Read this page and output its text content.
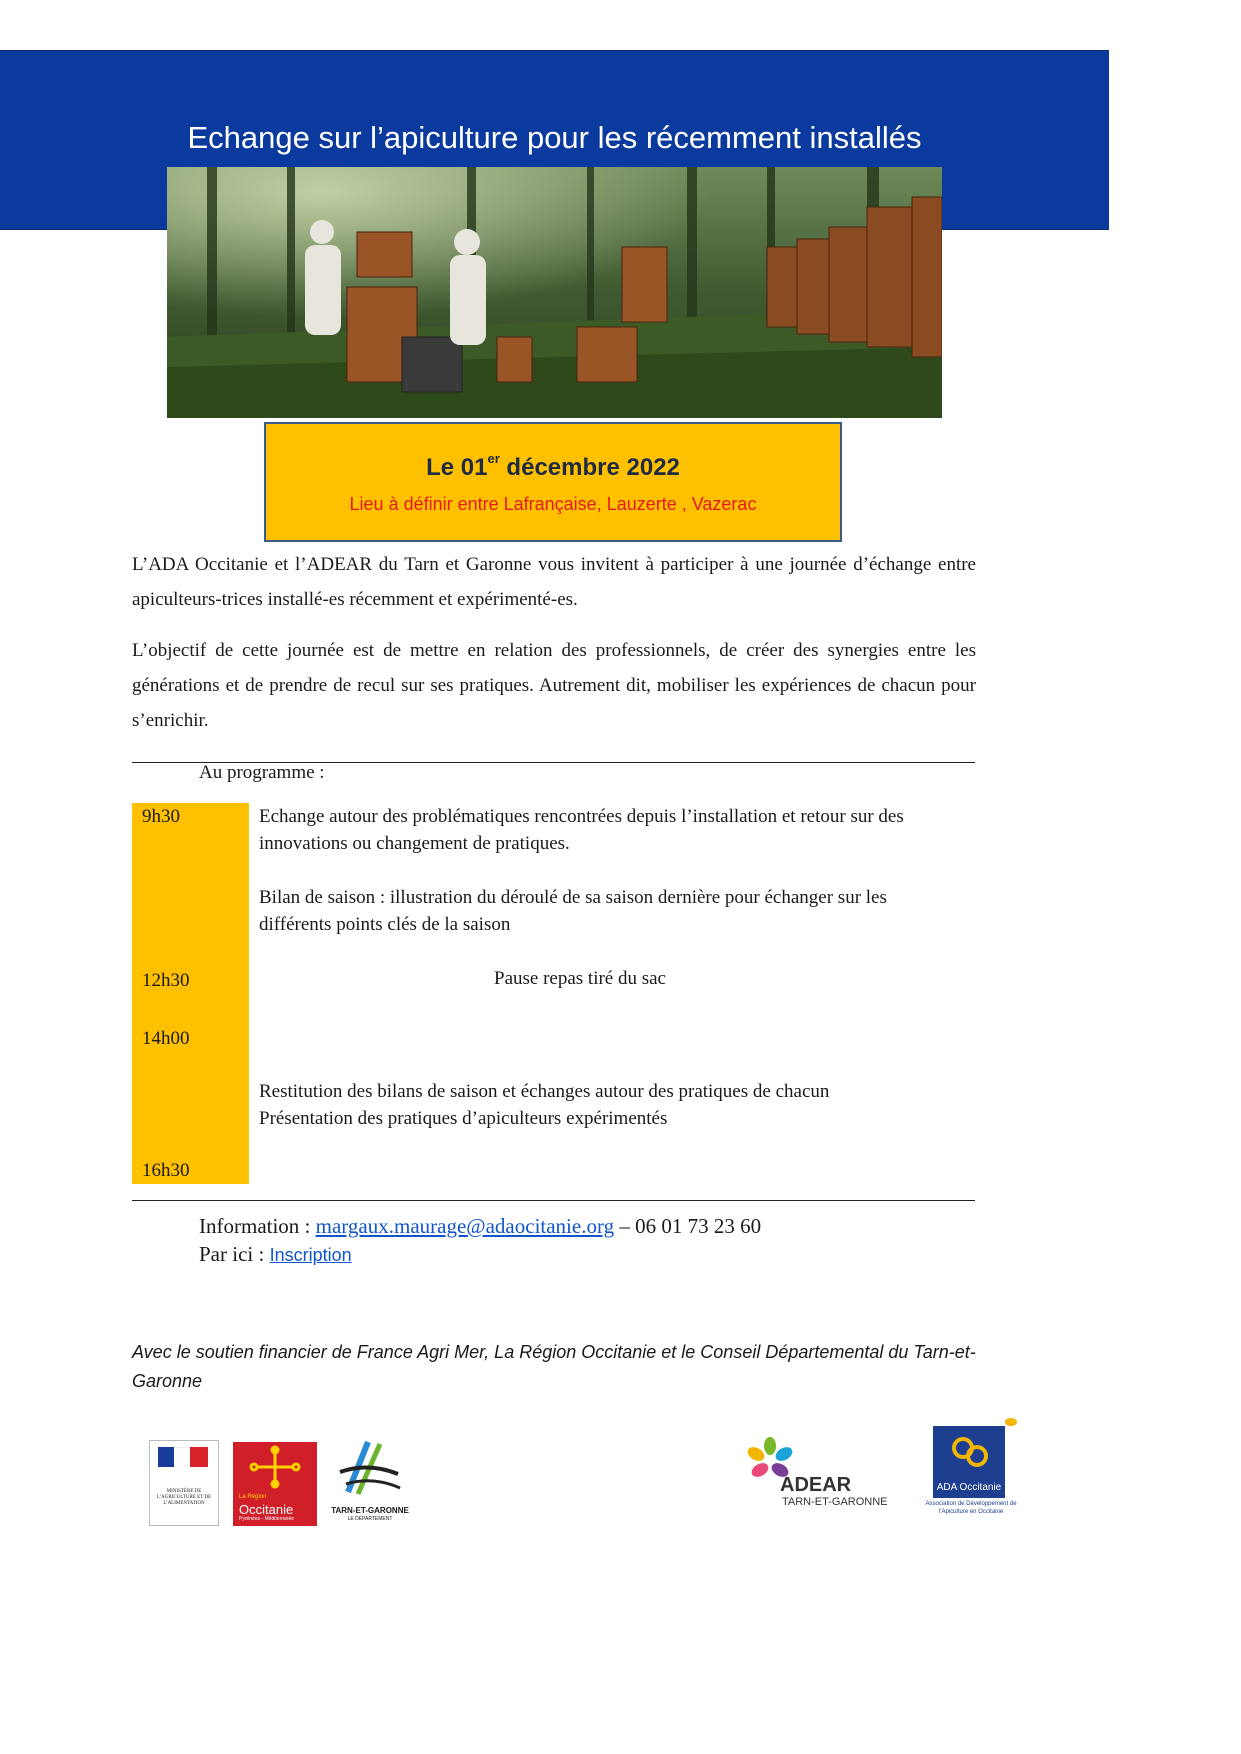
Echange sur l’apiculture pour les récemment installés
Le 01er décembre 2022
Lieu à définir entre Lafrançaise, Lauzerte , Vazerac
L’ADA Occitanie et l’ADEAR du Tarn et Garonne vous invitent à participer à une journée d’échange entre apiculteurs-trices installé-es récemment et expérimenté-es.
L’objectif de cette journée est de mettre en relation des professionnels, de créer des synergies entre les générations et de prendre de recul sur ses pratiques. Autrement dit, mobiliser les expériences de chacun pour s’enrichir.
Au programme :
9h30
12h30
14h00
16h30
Echange autour des problématiques rencontrées depuis l’installation et retour sur des innovations ou changement de pratiques.
Bilan de saison : illustration du déroulé de sa saison dernière pour échanger sur les différents points clés de la saison
Pause repas tiré du sac
Restitution des bilans de saison et échanges autour des pratiques de chacun
Présentation des pratiques d’apiculteurs expérimentés
Information : margaux.maurage@adaocitanie.org – 06 01 73 23 60
Par ici : Inscription
Avec le soutien financier de France Agri Mer, La Région Occitanie et le Conseil Départemental du Tarn-et-Garonne
MINISTÈRE DE L’AGRICULTURE ET DE L’ALIMENTATION
La Région
Occitanie
Pyrénées - Méditerranée
TARN-ET-GARONNE
LE DÉPARTEMENT
ADEAR
TARN-ET-GARONNE
ADA Occitanie
Association de Développement de l’Apiculture en Occitanie
